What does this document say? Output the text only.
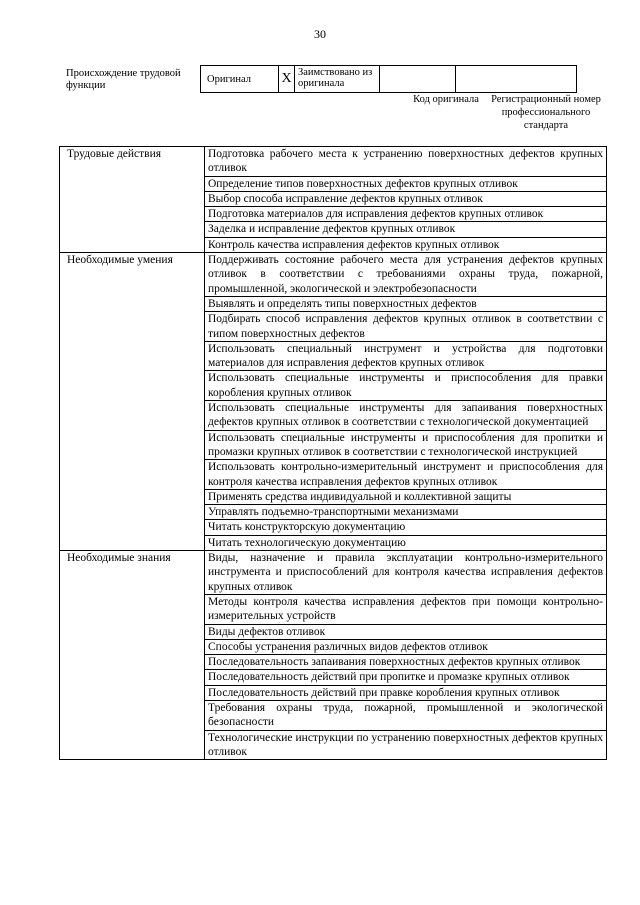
30
Происхождение трудовой функции
Оригинал	X	Заимствовано из оригинала		
Код оригинала	Регистрационный номер профессионального стандарта
Трудовые действия	Подготовка рабочего места к устранению поверхностных дефектов крупных отливок
	Определение типов поверхностных дефектов крупных отливок
	Выбор способа исправление дефектов крупных отливок
	Подготовка материалов для исправления дефектов крупных отливок
	Заделка и исправление дефектов крупных отливок
	Контроль качества исправления дефектов крупных отливок
Необходимые умения	Поддерживать состояние рабочего места для устранения дефектов крупных отливок в соответствии с требованиями охраны труда, пожарной, промышленной, экологической и электробезопасности
	Выявлять и определять типы поверхностных дефектов
	Подбирать способ исправления дефектов крупных отливок в соответствии с типом поверхностных дефектов
	Использовать специальный инструмент и устройства для подготовки материалов для исправления дефектов крупных отливок
	Использовать специальные инструменты и приспособления для правки коробления крупных отливок
	Использовать специальные инструменты для запаивания поверхностных дефектов крупных отливок в соответствии с технологической документацией
	Использовать специальные инструменты и приспособления для пропитки и промазки крупных отливок в соответствии с технологической инструкцией
	Использовать контрольно-измерительный инструмент и приспособления для контроля качества исправления дефектов крупных отливок
	Применять средства индивидуальной и коллективной защиты
	Управлять подъемно-транспортными механизмами
	Читать конструкторскую документацию
	Читать технологическую документацию
Необходимые знания	Виды, назначение и правила эксплуатации контрольно-измерительного инструмента и приспособлений для контроля качества исправления дефектов крупных отливок
	Методы контроля качества исправления дефектов при помощи контрольно-измерительных устройств
	Виды дефектов отливок
	Способы устранения различных видов дефектов отливок
	Последовательность запаивания поверхностных дефектов крупных отливок
	Последовательность действий при пропитке и промазке крупных отливок
	Последовательность действий при правке коробления крупных отливок
	Требования охраны труда, пожарной, промышленной и экологической безопасности
	Технологические инструкции по устранению поверхностных дефектов крупных отливок
